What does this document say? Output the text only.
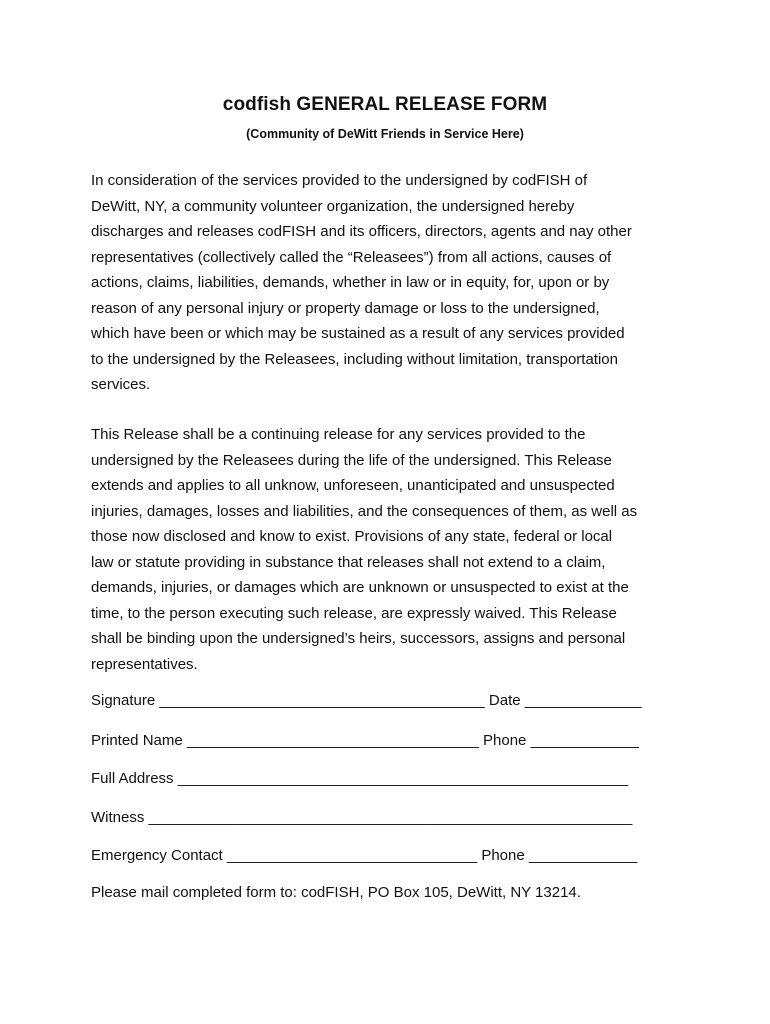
codfish GENERAL RELEASE FORM
(Community of DeWitt Friends in Service Here)
In consideration of the services provided to the undersigned by codFISH of
DeWitt, NY, a community volunteer organization, the undersigned hereby
discharges and releases codFISH and its officers, directors, agents and nay other
representatives (collectively called the “Releasees”) from all actions, causes of
actions, claims, liabilities, demands, whether in law or in equity, for, upon or by
reason of any personal injury or property damage or loss to the undersigned,
which have been or which may be sustained as a result of any services provided
to the undersigned by the Releasees, including without limitation, transportation
services.
This Release shall be a continuing release for any services provided to the
undersigned by the Releasees during the life of the undersigned. This Release
extends and applies to all unknow, unforeseen, unanticipated and unsuspected
injuries, damages, losses and liabilities, and the consequences of them, as well as
those now disclosed and know to exist. Provisions of any state, federal or local
law or statute providing in substance that releases shall not extend to a claim,
demands, injuries, or damages which are unknown or unsuspected to exist at the
time, to the person executing such release, are expressly waived. This Release
shall be binding upon the undersigned’s heirs, successors, assigns and personal
representatives.
Signature _______________________________________ Date ______________
Printed Name ___________________________________ Phone _____________
Full Address ______________________________________________________
Witness __________________________________________________________
Emergency Contact ______________________________ Phone _____________
Please mail completed form to: codFISH, PO Box 105, DeWitt, NY 13214.
